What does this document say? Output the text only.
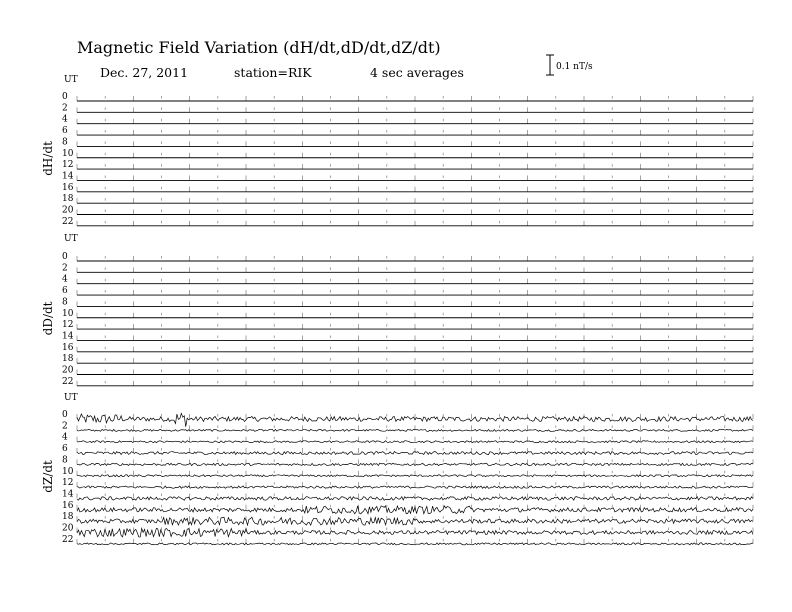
Magnetic Field Variation (dH/dt,dD/dt,dZ/dt)
Dec. 27, 2011	station=RIK	4 sec averages	0.1 nT/s
UT
dH/dt
0
2
4
6
8
10
12
14
16
18
20
22
UT
dD/dt
0
2
4
6
8
10
12
14
16
18
20
22
UT
dZ/dt
0
2
4
6
8
10
12
14
16
18
20
22
